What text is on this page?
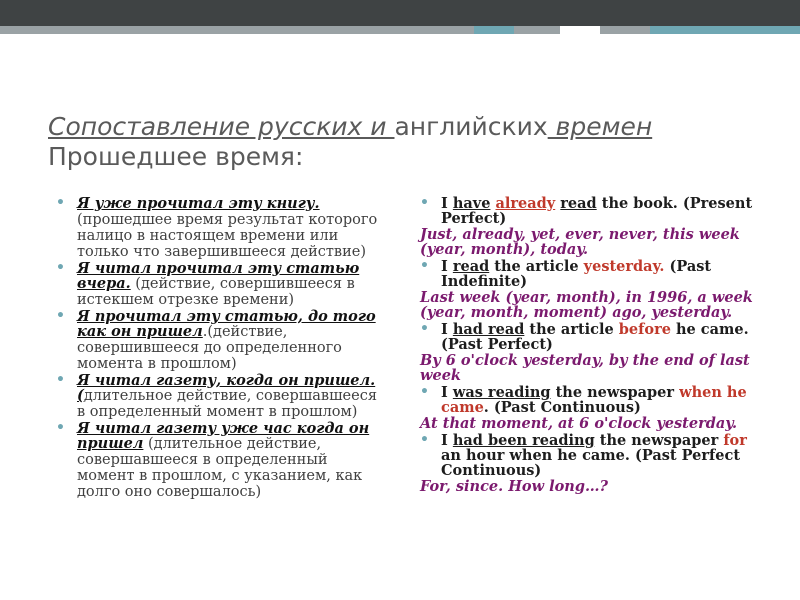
Сопоставление русских и английских времен
Прошедшее время:
• Я уже прочитал эту книгу. (прошедшее время результат которого налицо в настоящем времени или только что завершившееся действие)
• Я читал прочитал эту статью вчера. (действие, совершившееся в истекшем отрезке времени)
• Я прочитал эту статью, до того как он пришел.(действие, совершившееся до определенного момента в прошлом)
• Я читал газету, когда он пришел.(длительное действие, совершавшееся в определенный момент в прошлом)
• Я читал газету уже час когда он пришел (длительное действие, совершавшееся в определенный момент в прошлом, с указанием, как долго оно совершалось)
• I have already read the book. (Present Perfect)
Just, already, yet, ever, never, this week (year, month), today.
• I read the article yesterday. (Past Indefinite)
Last week (year, month), in 1996, a week (year, month, moment) ago, yesterday.
• I had read the article before he came. (Past Perfect)
By 6 o'clock yesterday, by the end of last week
• I was reading the newspaper when he came. (Past Continuous)
At that moment, at 6 o'clock yesterday.
• I had been reading the newspaper for an hour when he came. (Past Perfect Continuous)
For, since. How long…?
